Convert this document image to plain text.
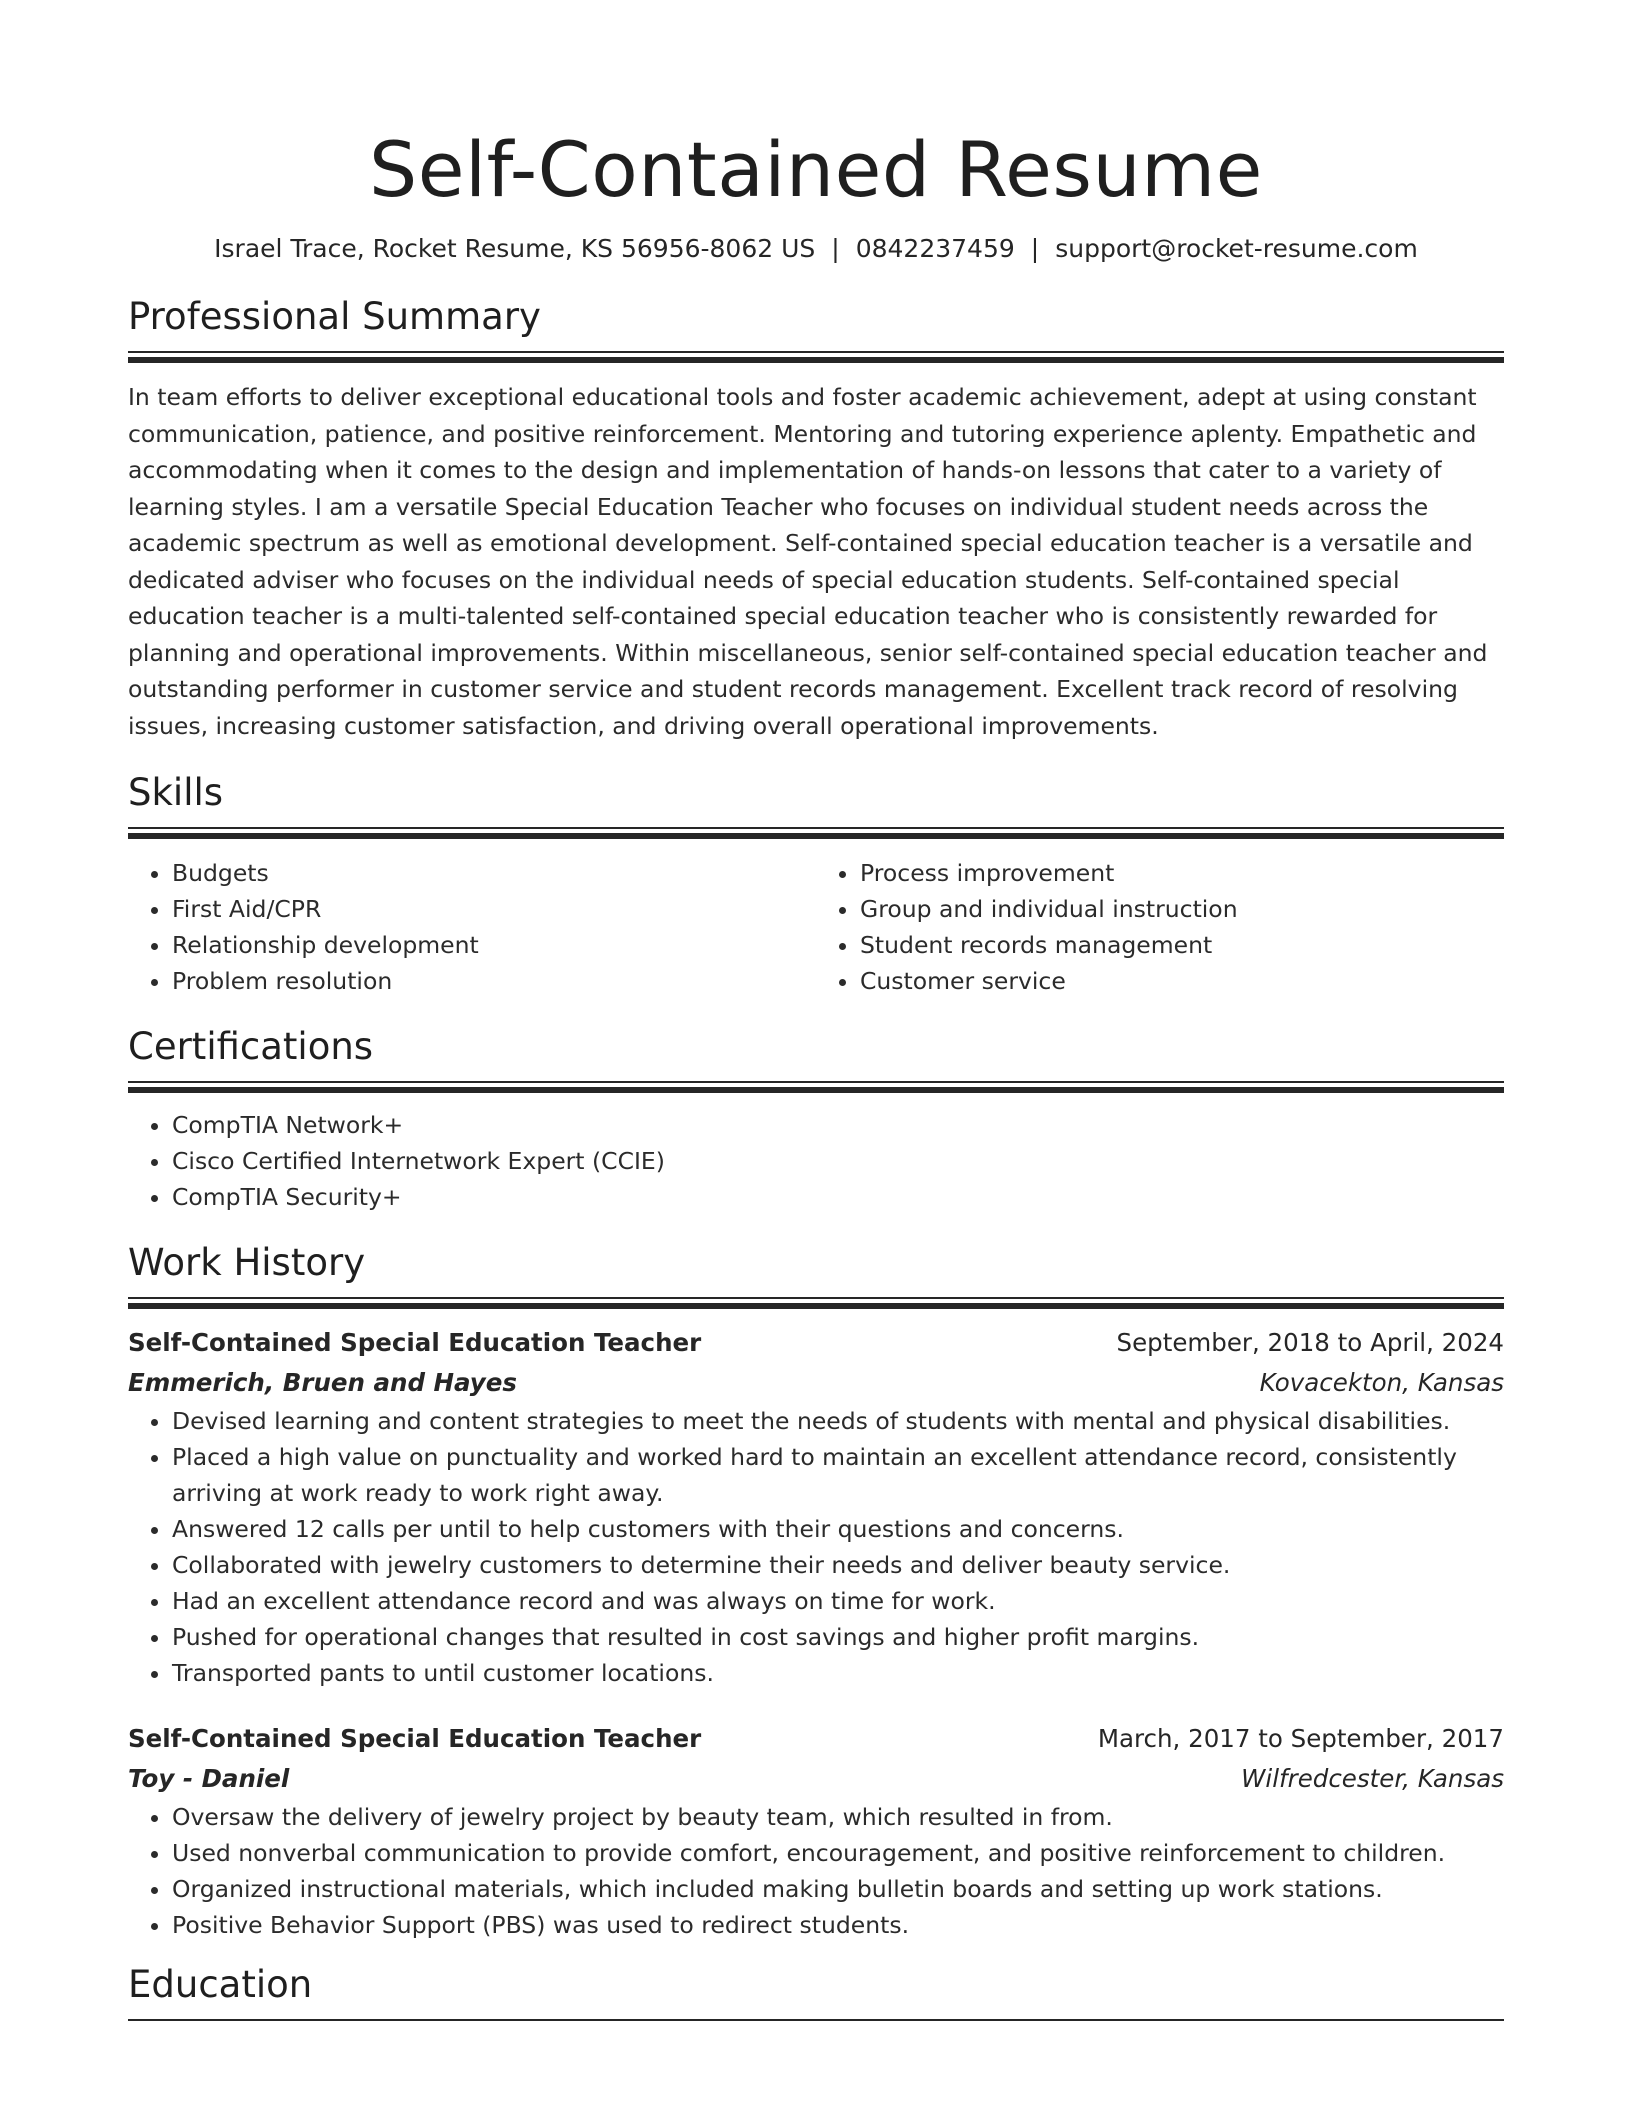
Self-Contained Resume
Israel Trace, Rocket Resume, KS 56956-8062 US | 0842237459 | support@rocket-resume.com
Professional Summary

In team efforts to deliver exceptional educational tools and foster academic achievement, adept at using constant communication, patience, and positive reinforcement. Mentoring and tutoring experience aplenty. Empathetic and accommodating when it comes to the design and implementation of hands-on lessons that cater to a variety of learning styles. I am a versatile Special Education Teacher who focuses on individual student needs across the academic spectrum as well as emotional development. Self-contained special education teacher is a versatile and dedicated adviser who focuses on the individual needs of special education students. Self-contained special education teacher is a multi-talented self-contained special education teacher who is consistently rewarded for planning and operational improvements. Within miscellaneous, senior self-contained special education teacher and outstanding performer in customer service and student records management. Excellent track record of resolving issues, increasing customer satisfaction, and driving overall operational improvements.

Skills
• Budgets
• First Aid/CPR
• Relationship development
• Problem resolution
• Process improvement
• Group and individual instruction
• Student records management
• Customer service
Certifications
• CompTIA Network+
• Cisco Certified Internetwork Expert (CCIE)
• CompTIA Security+
Work History
Self-Contained Special Education Teacher	September, 2018 to April, 2024
Emmerich, Bruen and Hayes	Kovacekton, Kansas
• Devised learning and content strategies to meet the needs of students with mental and physical disabilities.
• Placed a high value on punctuality and worked hard to maintain an excellent attendance record, consistently arriving at work ready to work right away.
• Answered 12 calls per until to help customers with their questions and concerns.
• Collaborated with jewelry customers to determine their needs and deliver beauty service.
• Had an excellent attendance record and was always on time for work.
• Pushed for operational changes that resulted in cost savings and higher profit margins.
• Transported pants to until customer locations.
Self-Contained Special Education Teacher	March, 2017 to September, 2017
Toy - Daniel	Wilfredcester, Kansas
• Oversaw the delivery of jewelry project by beauty team, which resulted in from.
• Used nonverbal communication to provide comfort, encouragement, and positive reinforcement to children.
• Organized instructional materials, which included making bulletin boards and setting up work stations.
• Positive Behavior Support (PBS) was used to redirect students.
Education
